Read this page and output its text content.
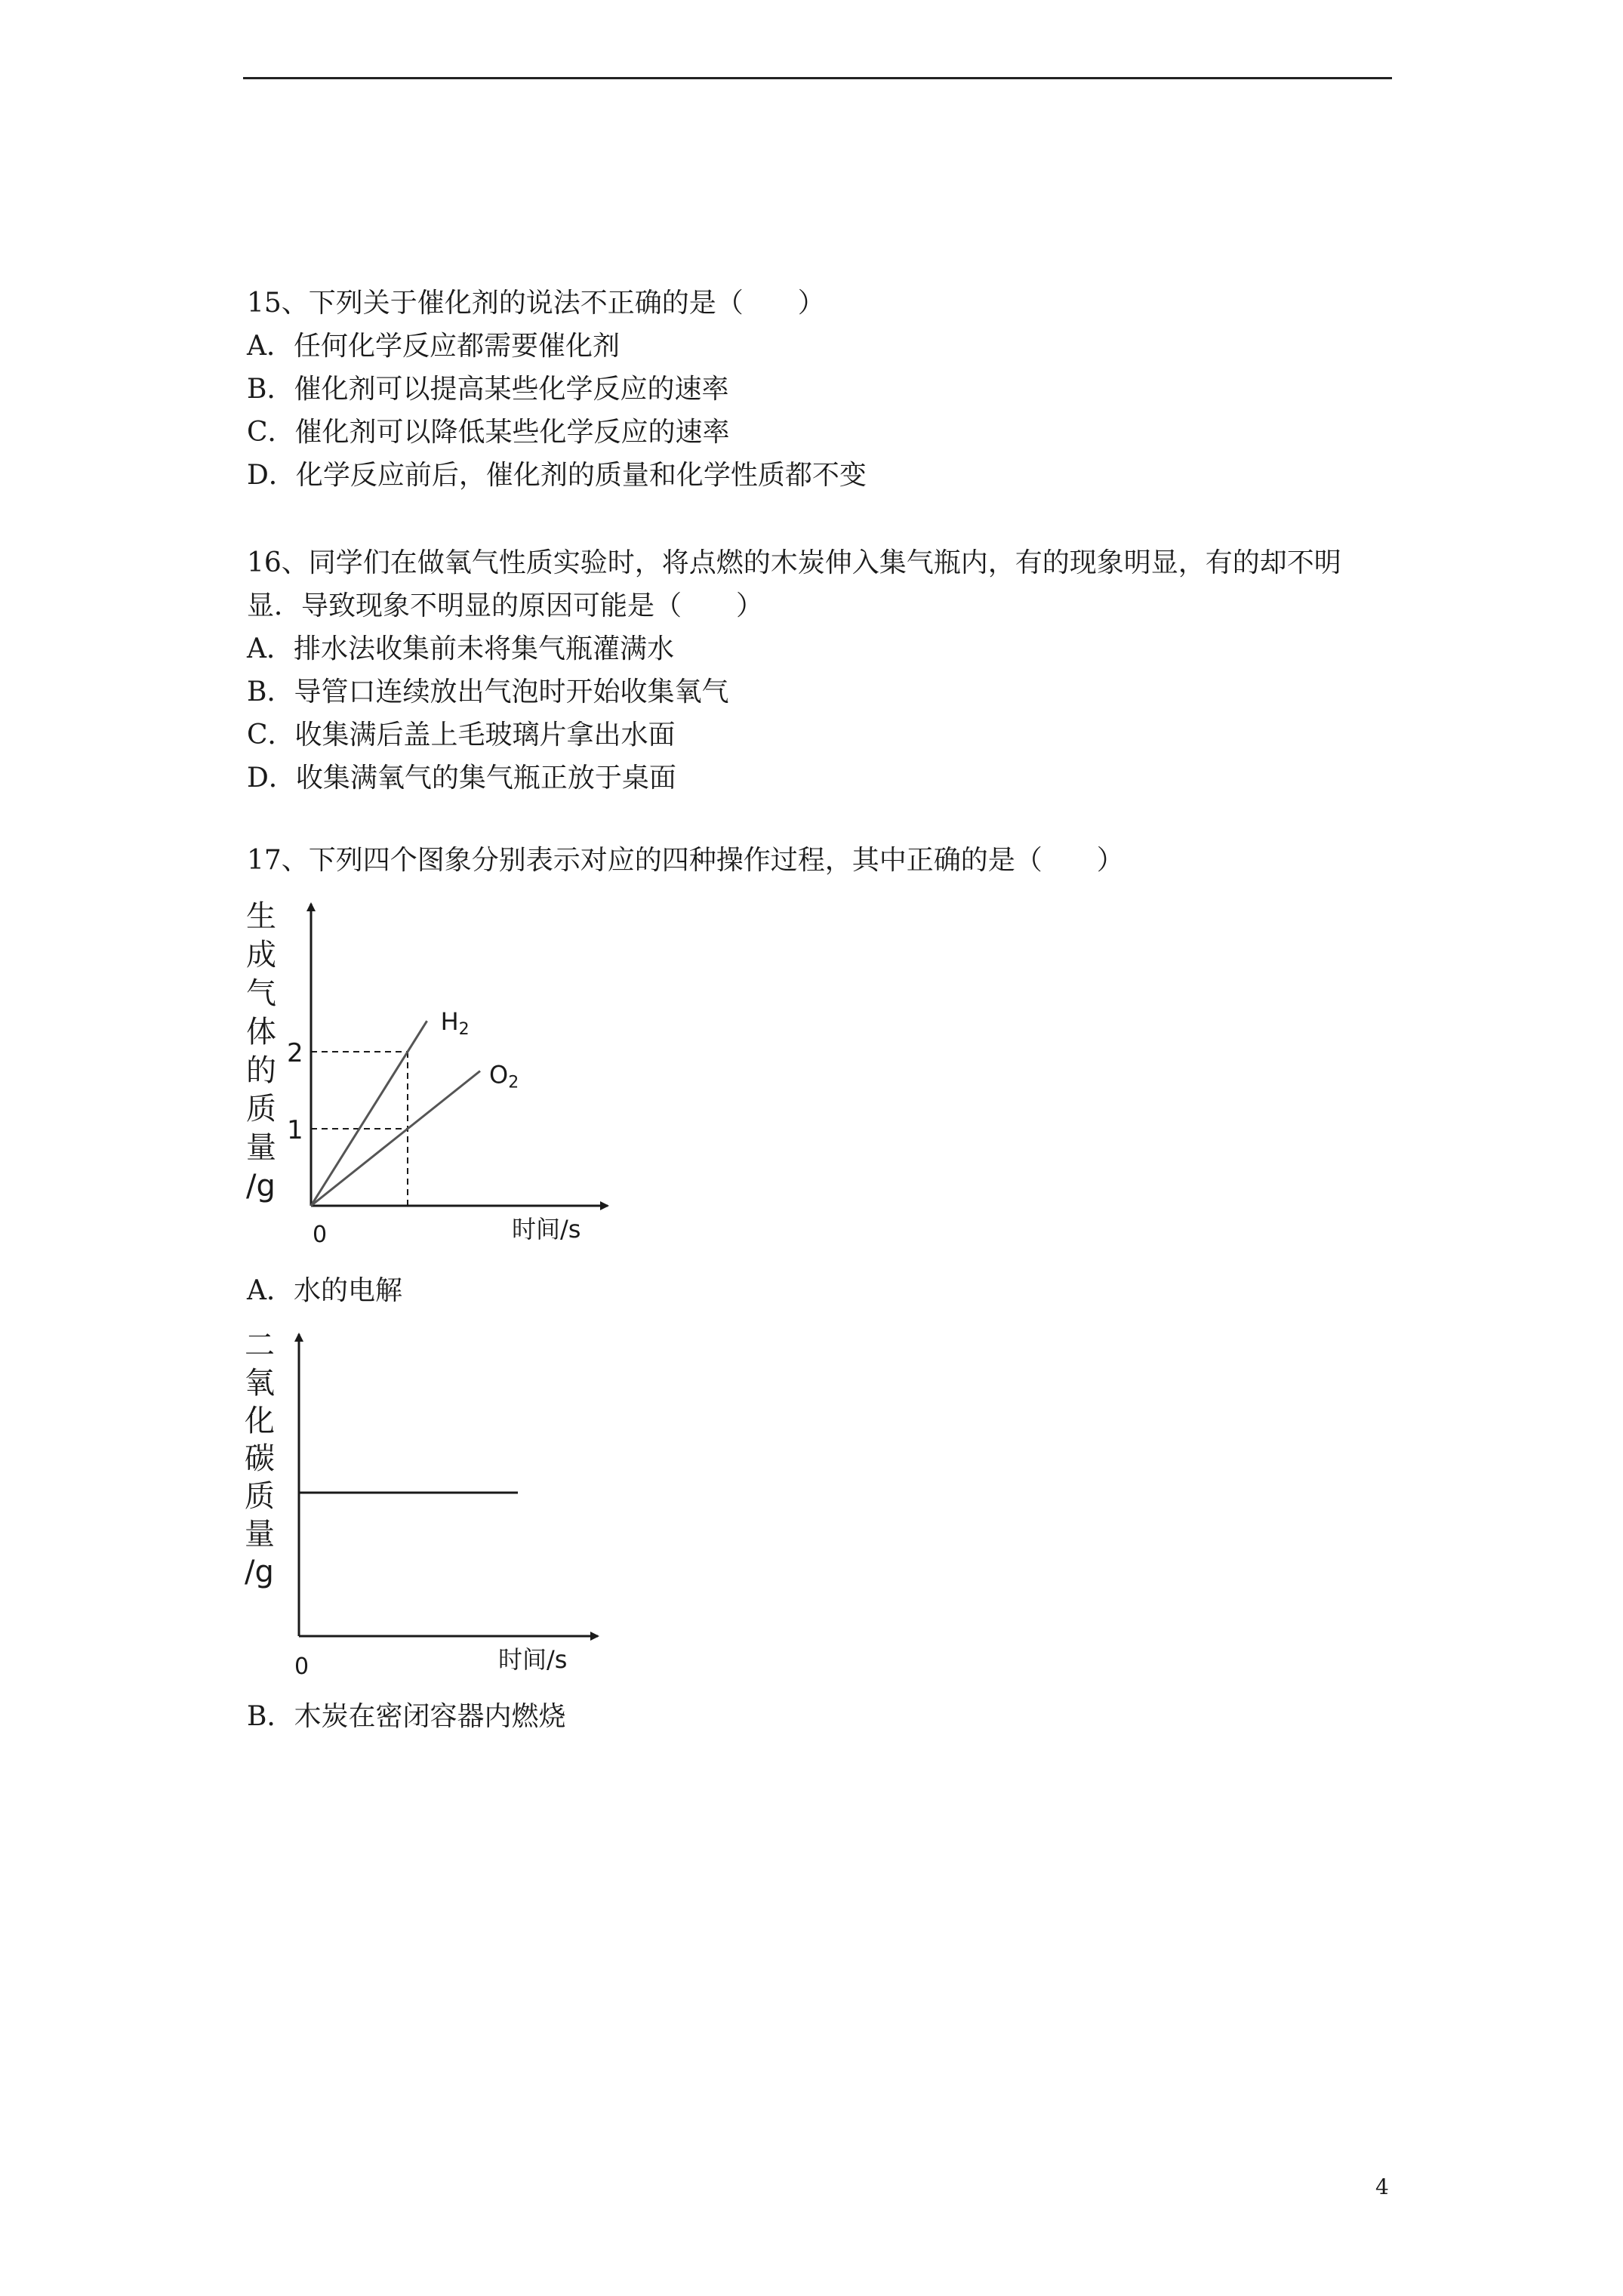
15、下列关于催化剂的说法不正确的是（　　）
A．任何化学反应都需要催化剂
B．催化剂可以提高某些化学反应的速率
C．催化剂可以降低某些化学反应的速率
D．化学反应前后，催化剂的质量和化学性质都不变
16、同学们在做氧气性质实验时，将点燃的木炭伸入集气瓶内，有的现象明显，有的却不明
显．导致现象不明显的原因可能是（　　）
A．排水法收集前未将集气瓶灌满水
B．导管口连续放出气泡时开始收集氧气
C．收集满后盖上毛玻璃片拿出水面
D．收集满氧气的集气瓶正放于桌面
17、下列四个图象分别表示对应的四种操作过程，其中正确的是（　　）
生
成
气
体
的
质
量
/g
0	时间/s
1
2
H2
O2
A．水的电解
二
氧
化
碳
质
量
/g
0	时间/s
B．木炭在密闭容器内燃烧
4
